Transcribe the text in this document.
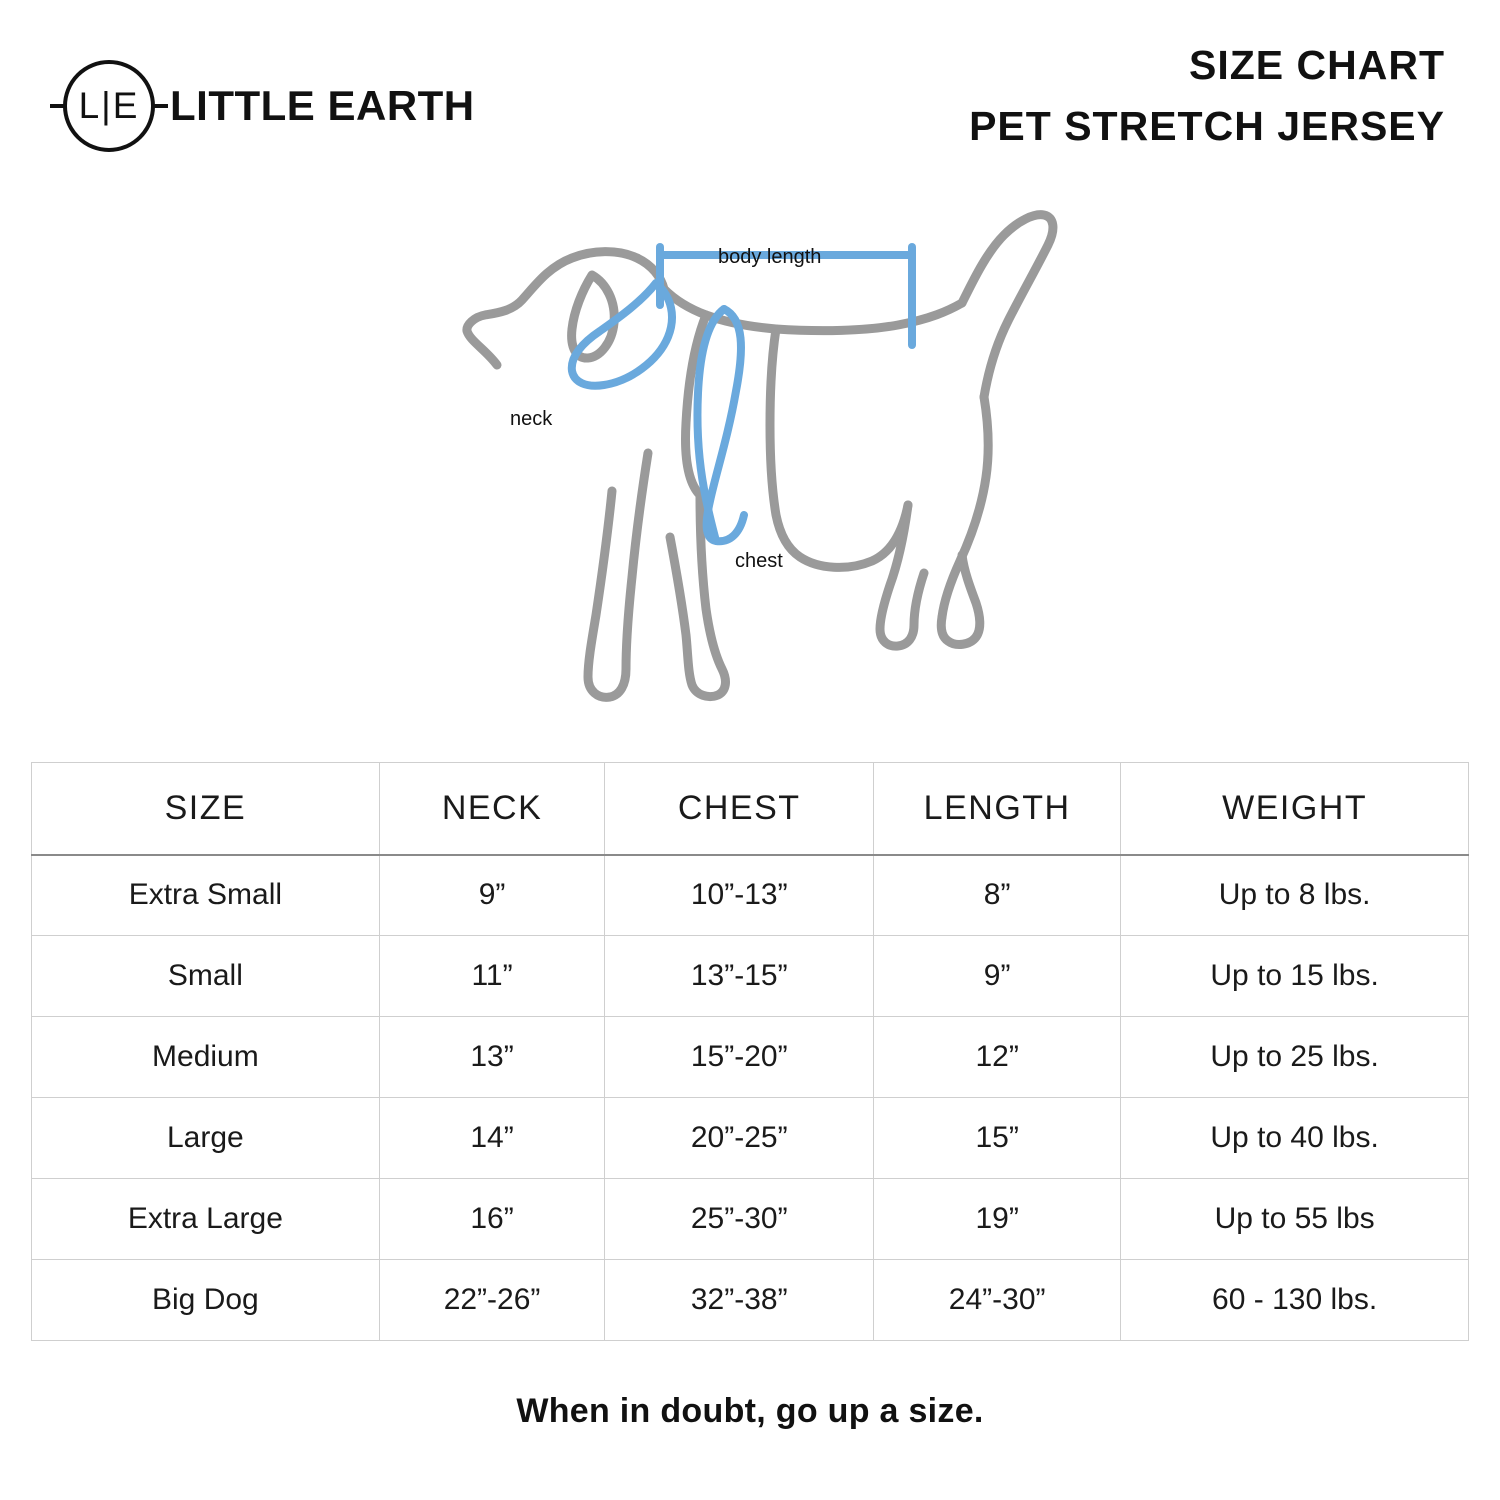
L|E LITTLE EARTH
SIZE CHART
PET STRETCH JERSEY
body length
neck
chest
SIZE	NECK	CHEST	LENGTH	WEIGHT
Extra Small	9”	10”-13”	8”	Up to 8 lbs.
Small	11”	13”-15”	9”	Up to 15 lbs.
Medium	13”	15”-20”	12”	Up to 25 lbs.
Large	14”	20”-25”	15”	Up to 40 lbs.
Extra Large	16”	25”-30”	19”	Up to 55 lbs
Big Dog	22”-26”	32”-38”	24”-30”	60 - 130 lbs.
When in doubt, go up a size.
